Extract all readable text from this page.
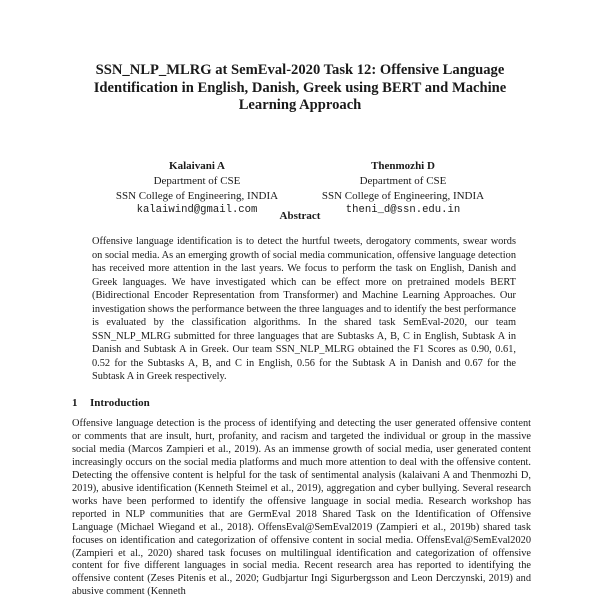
SSN_NLP_MLRG at SemEval-2020 Task 12: Offensive Language Identification in English, Danish, Greek using BERT and Machine Learning Approach
Kalaivani A
Department of CSE
SSN College of Engineering, INDIA
kalaiwind@gmail.com
Thenmozhi D
Department of CSE
SSN College of Engineering, INDIA
theni_d@ssn.edu.in
Abstract

Offensive language identification is to detect the hurtful tweets, derogatory comments, swear words on social media. As an emerging growth of social media communication, offensive language detection has received more attention in the last years. We focus to perform the task on English, Danish and Greek languages. We have investigated which can be effect more on pretrained models BERT (Bidirectional Encoder Representation from Transformer) and Machine Learning Approaches. Our investigation shows the performance between the three languages and to identify the best performance is evaluated by the classification algorithms. In the shared task SemEval-2020, our team SSN_NLP_MLRG submitted for three languages that are Subtasks A, B, C in English, Subtask A in Danish and Subtask A in Greek. Our team SSN_NLP_MLRG obtained the F1 Scores as 0.90, 0.61, 0.52 for the Subtasks A, B, and C in English, 0.56 for the Subtask A in Danish and 0.67 for the Subtask A in Greek respectively.

1 Introduction

Offensive language detection is the process of identifying and detecting the user generated offensive content or comments that are insult, hurt, profanity, and racism and targeted the individual or group in the massive social media (Marcos Zampieri et al., 2019). As an immense growth of social media, user generated content increasingly occurs on the social media platforms and much more attention to deal with the offensive content. Detecting the offensive content is helpful for the task of sentimental analysis (kalaivani A and Thenmozhi D, 2019), abusive identification (Kenneth Steimel et al., 2019), aggregation and cyber bullying. Several research works have been performed to identify the offensive language in social media. Research workshop has reported in NLP communities that are GermEval 2018 Shared Task on the Identification of Offensive Language (Michael Wiegand et al., 2018). OffensEval@SemEval2019 (Zampieri et al., 2019b) shared task focuses on identification and categorization of offensive content in social media. OffensEval@SemEval2020 (Zampieri et al., 2020) shared task focuses on multilingual identification and categorization of offensive content for five different languages in social media. Recent research area has reported to identifying the offensive content (Zeses Pitenis et al., 2020; Gudbjartur Ingi Sigurbergsson and Leon Derczynski, 2019) and abusive comment (Kenneth
